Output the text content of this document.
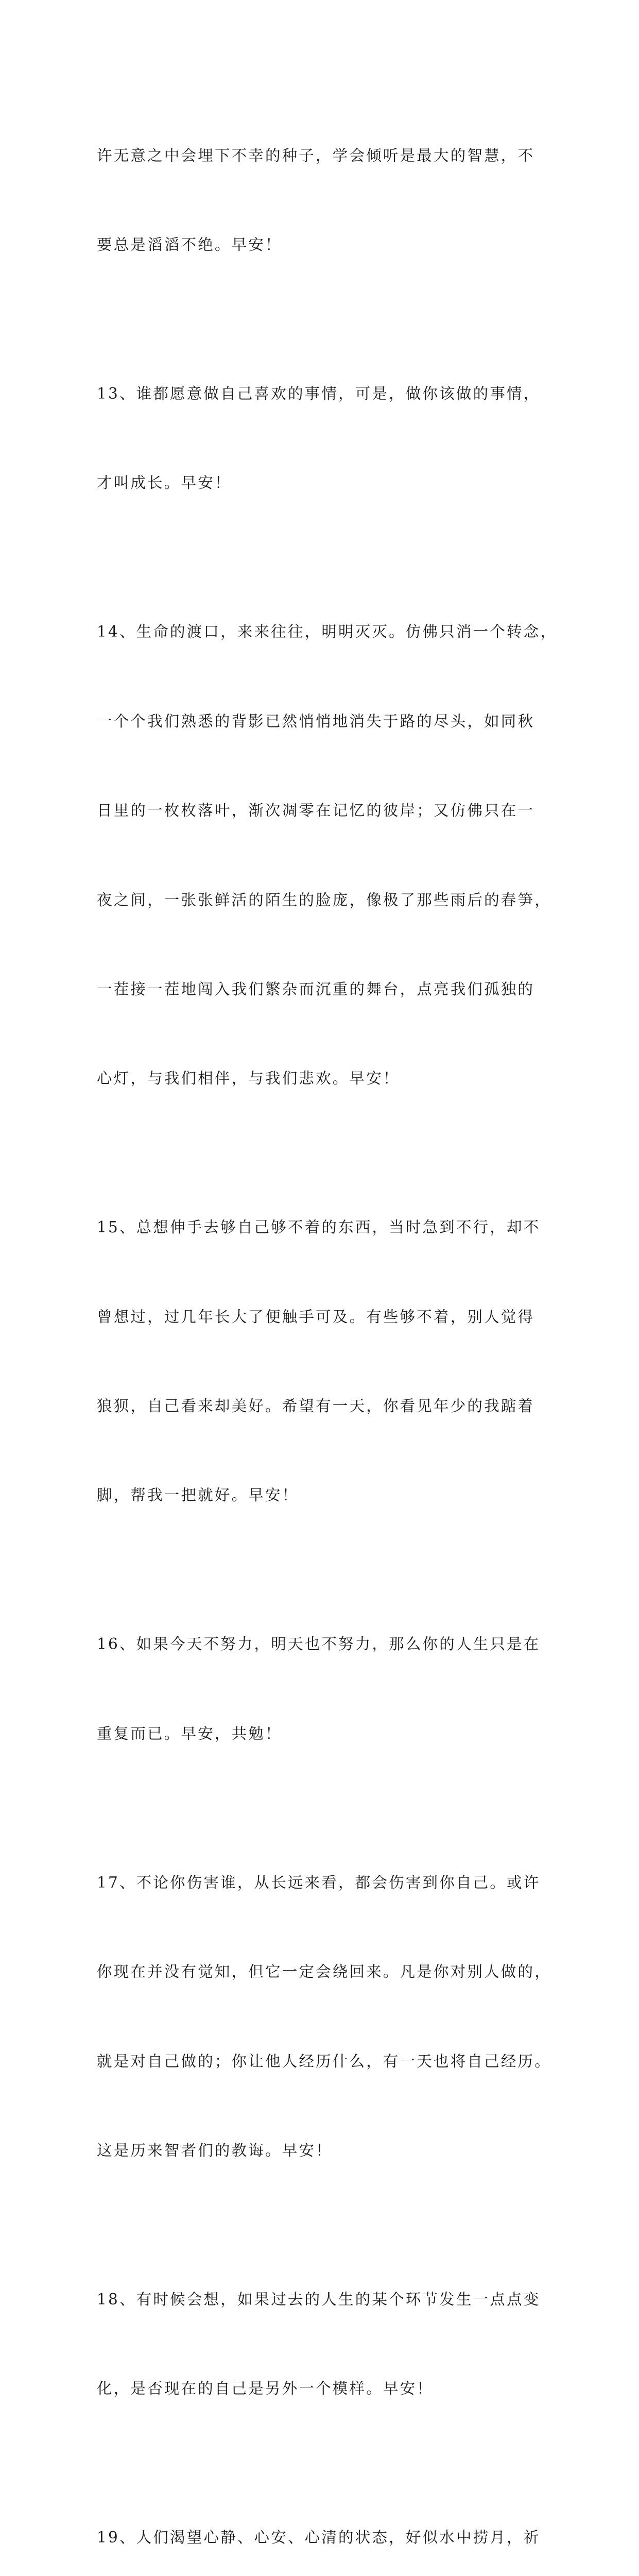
许无意之中会埋下不幸的种子，学会倾听是最大的智慧，不

要总是滔滔不绝。早安！

13、谁都愿意做自己喜欢的事情，可是，做你该做的事情，

才叫成长。早安！

14、生命的渡口，来来往往，明明灭灭。仿佛只消一个转念，

一个个我们熟悉的背影已然悄悄地消失于路的尽头，如同秋

日里的一枚枚落叶，渐次凋零在记忆的彼岸；又仿佛只在一

夜之间，一张张鲜活的陌生的脸庞，像极了那些雨后的春笋，

一茬接一茬地闯入我们繁杂而沉重的舞台，点亮我们孤独的

心灯，与我们相伴，与我们悲欢。早安！

15、总想伸手去够自己够不着的东西，当时急到不行，却不

曾想过，过几年长大了便触手可及。有些够不着，别人觉得

狼狈，自己看来却美好。希望有一天，你看见年少的我踮着

脚，帮我一把就好。早安！

16、如果今天不努力，明天也不努力，那么你的人生只是在

重复而已。早安，共勉！

17、不论你伤害谁，从长远来看，都会伤害到你自己。或许

你现在并没有觉知，但它一定会绕回来。凡是你对别人做的，

就是对自己做的；你让他人经历什么，有一天也将自己经历。

这是历来智者们的教诲。早安！

18、有时候会想，如果过去的人生的某个环节发生一点点变

化，是否现在的自己是另外一个模样。早安！

19、人们渴望心静、心安、心清的状态，好似水中捞月，祈
